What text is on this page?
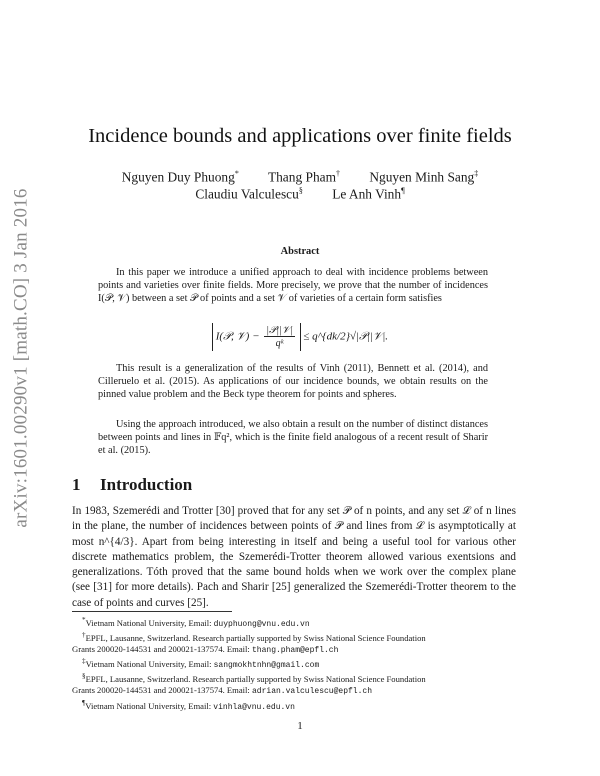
arXiv:1601.00290v1 [math.CO] 3 Jan 2016
Incidence bounds and applications over finite fields
Nguyen Duy Phuong* Thang Pham† Nguyen Minh Sang‡
Claudiu Valculescu§ Le Anh Vinh¶
Abstract

In this paper we introduce a unified approach to deal with incidence problems between points and varieties over finite fields. More precisely, we prove that the number of incidences I(𝒫, 𝒱) between a set 𝒫 of points and a set 𝒱 of varieties of a certain form satisfies

I(𝒫, 𝒱) − $\frac{\text{|𝒫||𝒱|}}{\text{qᵏ}}$ ≤ q^{dk/2}√|𝒫||𝒱|.

This result is a generalization of the results of Vinh (2011), Bennett et al. (2014), and Cilleruelo et al. (2015). As applications of our incidence bounds, we obtain results on the pinned value problem and the Beck type theorem for points and spheres.

Using the approach introduced, we also obtain a result on the number of distinct distances between points and lines in 𝔽q², which is the finite field analogous of a recent result of Sharir et al. (2015).

1 Introduction

In 1983, Szemerédi and Trotter [30] proved that for any set 𝒫 of n points, and any set ℒ of n lines in the plane, the number of incidences between points of 𝒫 and lines from ℒ is asymptotically at most n^{4/3}. Apart from being interesting in itself and being a useful tool for various other discrete mathematics problem, the Szemerédi-Trotter theorem allowed various exentsions and generalizations. Tóth proved that the same bound holds when we work over the complex plane (see [31] for more details). Pach and Sharir [25] generalized the Szemerédi-Trotter theorem to the case of points and curves [25].

*Vietnam National University, Email: duyphuong@vnu.edu.vn
†EPFL, Lausanne, Switzerland. Research partially supported by Swiss National Science Foundation
Grants 200020-144531 and 200021-137574. Email: thang.pham@epfl.ch
‡Vietnam National University, Email: sangmokhtnhn@gmail.com
§EPFL, Lausanne, Switzerland. Research partially supported by Swiss National Science Foundation
Grants 200020-144531 and 200021-137574. Email: adrian.valculescu@epfl.ch
¶Vietnam National University, Email: vinhla@vnu.edu.vn
1
